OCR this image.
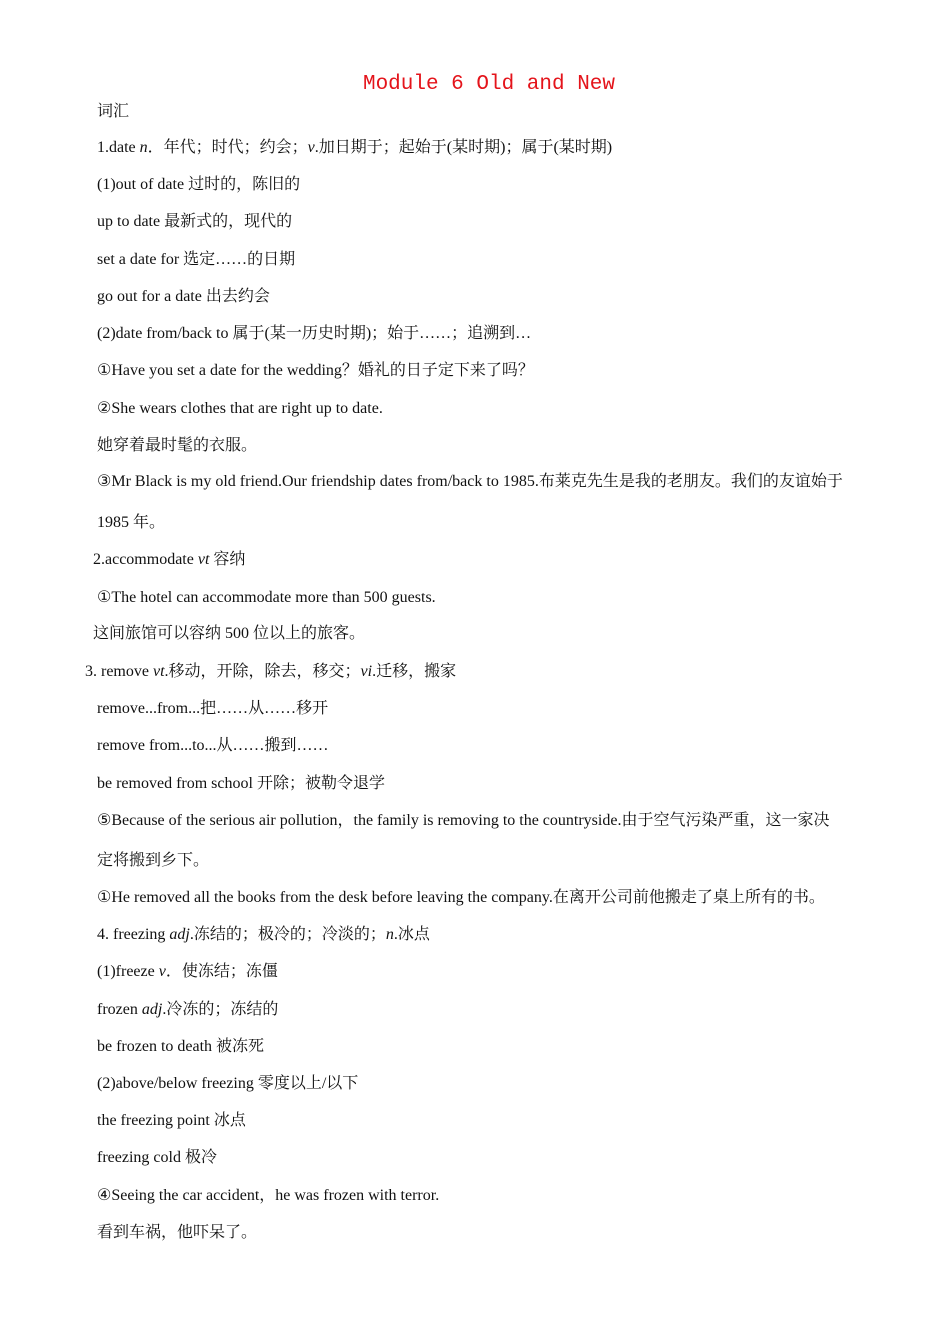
Module 6 Old and New
词汇
1.date n．年代；时代；约会；v.加日期于；起始于(某时期)；属于(某时期)
(1)out of date 过时的，陈旧的
up to date 最新式的，现代的
set a date for 选定……的日期
go out for a date 出去约会
(2)date from/back to 属于(某一历史时期)；始于……；追溯到…
①Have you set a date for the wedding？婚礼的日子定下来了吗？
②She wears clothes that are right up to date.
她穿着最时髦的衣服。
③Mr Black is my old friend.Our friendship dates from/back to 1985.布莱克先生是我的老朋友。我们的友谊始于
1985 年。
2.accommodate vt 容纳
①The hotel can accommodate more than 500 guests.
这间旅馆可以容纳 500 位以上的旅客。
3. remove vt.移动，开除，除去，移交；vi.迁移，搬家
remove...from...把……从……移开
remove from...to...从……搬到……
be removed from school 开除；被勒令退学
⑤Because of the serious air pollution，the family is removing to the countryside.由于空气污染严重，这一家决
定将搬到乡下。
①He removed all the books from the desk before leaving the company.在离开公司前他搬走了桌上所有的书。
4. freezing adj.冻结的；极冷的；冷淡的；n.冰点
(1)freeze v．使冻结；冻僵
frozen adj.冷冻的；冻结的
be frozen to death 被冻死
(2)above/below freezing 零度以上/以下
the freezing point 冰点
freezing cold 极冷
④Seeing the car accident，he was frozen with terror.
看到车祸，他吓呆了。
